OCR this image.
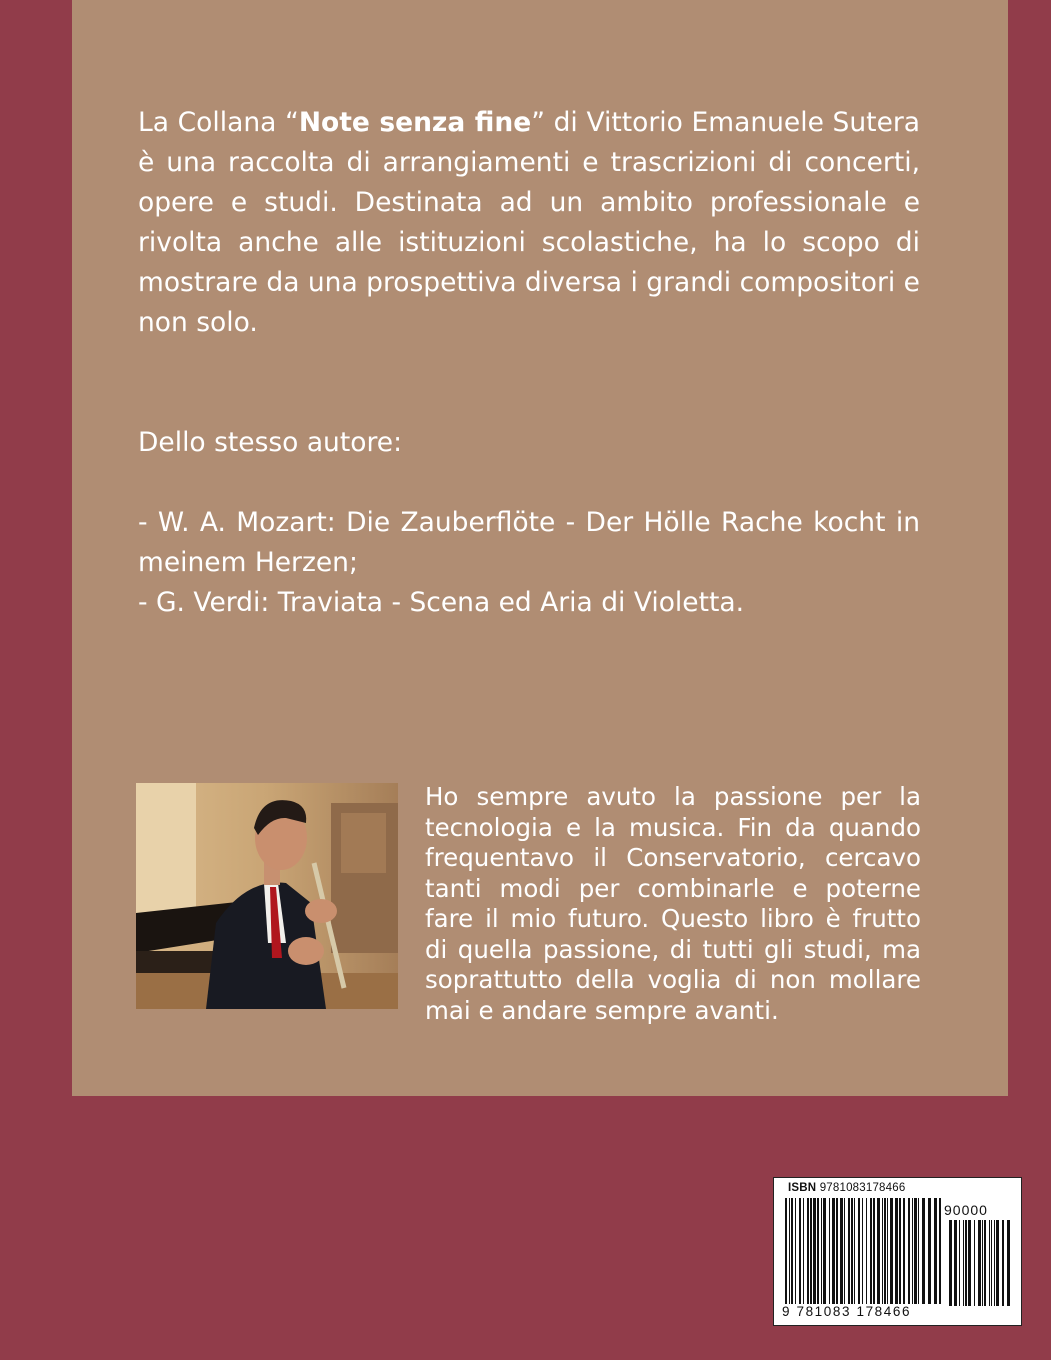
La Collana “Note senza fine” di Vittorio Emanuele Sutera è una raccolta di arrangiamenti e trascrizioni di concerti, opere e studi. Destinata ad un ambito professionale e rivolta anche alle istituzioni scolastiche, ha lo scopo di mostrare da una prospettiva diversa i grandi compositori e non solo.

Dello stesso autore:

- W. A. Mozart: Die Zauberflöte - Der Hölle Rache kocht in meinem Herzen;
- G. Verdi: Traviata - Scena ed Aria di Violetta.

Ho sempre avuto la passione per la tecnologia e la musica. Fin da quando frequentavo il Conservatorio, cercavo tanti modi per combinarle e poterne fare il mio futuro. Questo libro è frutto di quella passione, di tutti gli studi, ma soprattutto della voglia di non mollare mai e andare sempre avanti.

ISBN 9781083178466
90000
9 781083 178466
